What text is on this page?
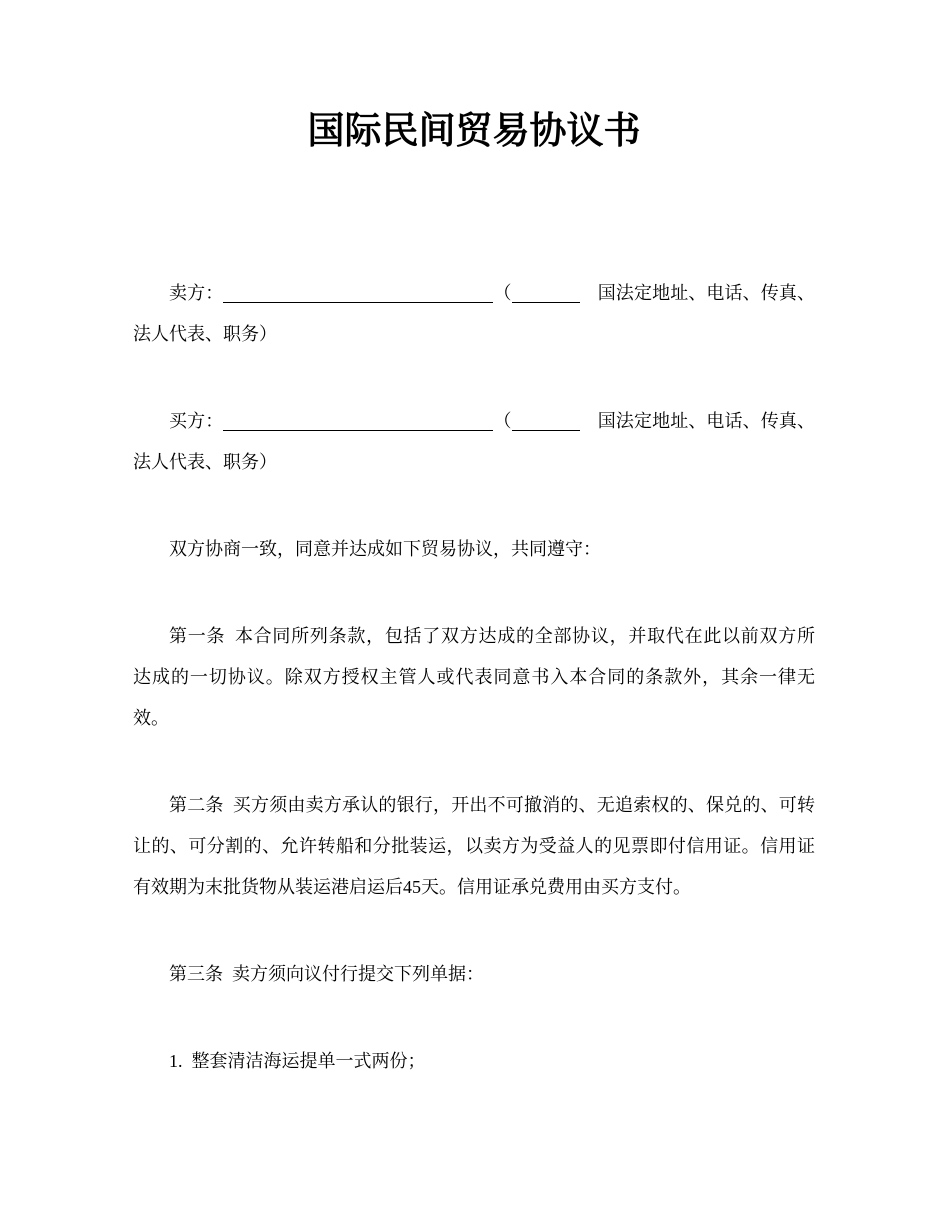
国际民间贸易协议书
卖方：	（	国法定地址、电话、传真、
法人代表、职务）
买方：	（	国法定地址、电话、传真、
法人代表、职务）
双方协商一致，同意并达成如下贸易协议，共同遵守：
第一条 本合同所列条款，包括了双方达成的全部协议，并取代在此以前双方所
达成的一切协议。除双方授权主管人或代表同意书入本合同的条款外，其余一律无
效。
第二条 买方须由卖方承认的银行，开出不可撤消的、无追索权的、保兑的、可转
让的、可分割的、允许转船和分批装运，以卖方为受益人的见票即付信用证。信用证
有效期为末批货物从装运港启运后45天。信用证承兑费用由买方支付。
第三条 卖方须向议付行提交下列单据：
1. 整套清洁海运提单一式两份；
